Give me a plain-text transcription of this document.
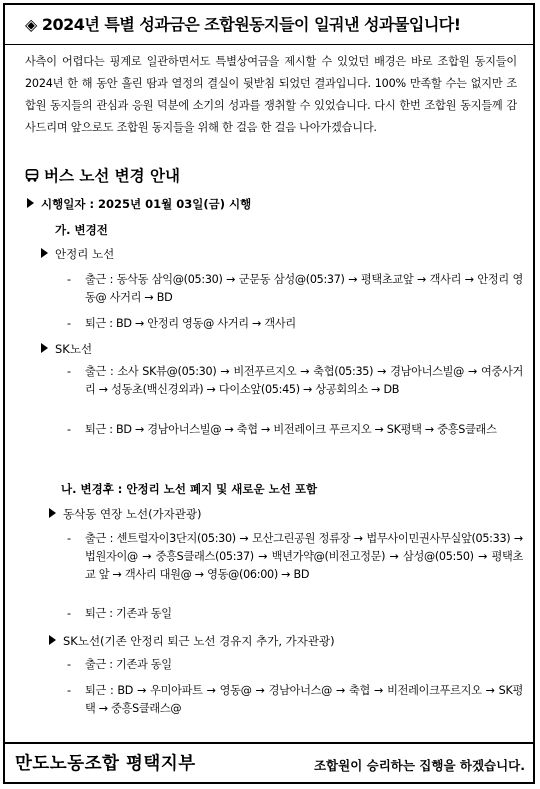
◈ 2024년 특별 성과금은 조합원동지들이 일궈낸 성과물입니다!
사측이 어렵다는 핑계로 일관하면서도 특별상여금을 제시할 수 있었던 배경은 바로 조합원 동지들이 2024년 한 해 동안 흘린 땀과 열정의 결실이 뒷받침 되었던 결과입니다. 100% 만족할 수는 없지만 조합원 동지들의 관심과 응원 덕분에 소기의 성과를 쟁취할 수 있었습니다. 다시 한번 조합원 동지들께 감사드리며 앞으로도 조합원 동지들을 위해 한 걸음 한 걸음 나아가겠습니다.
버스 노선 변경 안내
시행일자 : 2025년 01월 03일(금) 시행
가. 변경전
안정리 노선
- 출근 : 동삭동 삼익@(05:30) → 군문동 삼성@(05:37) → 평택초교앞 → 객사리 → 안정리 영동@ 사거리 → BD
- 퇴근 : BD → 안정리 영동@ 사거리 → 객사리
SK노선
- 출근 : 소사 SK뷰@(05:30) → 비전푸르지오 → 축협(05:35) → 경남아너스빌@ → 여중사거리 → 성동초(백신경외과) → 다이소앞(05:45) → 상공회의소 → DB
- 퇴근 : BD → 경남아너스빌@ → 축협 → 비전레이크 푸르지오 → SK평택 → 중흥S클래스
나. 변경후 : 안정리 노선 폐지 및 새로운 노선 포함
동삭동 연장 노선(가자관광)
- 출근 : 센트럴자이3단지(05:30) → 모산그린공원 정류장 → 법무사이민권사무실앞(05:33) → 법원자이@ → 중흥S클래스(05:37) → 백년가약@(비전고정문) → 삼성@(05:50) → 평택초교 앞 → 객사리 대원@ → 영동@(06:00) → BD
- 퇴근 : 기존과 동일
SK노선(기존 안정리 퇴근 노선 경유지 추가, 가자관광)
- 출근 : 기존과 동일
- 퇴근 : BD → 우미아파트 → 영동@ → 경남아너스@ → 축협 → 비전레이크푸르지오 → SK평택 → 중흥S클래스@
만도노동조합 평택지부	조합원이 승리하는 집행을 하겠습니다.
